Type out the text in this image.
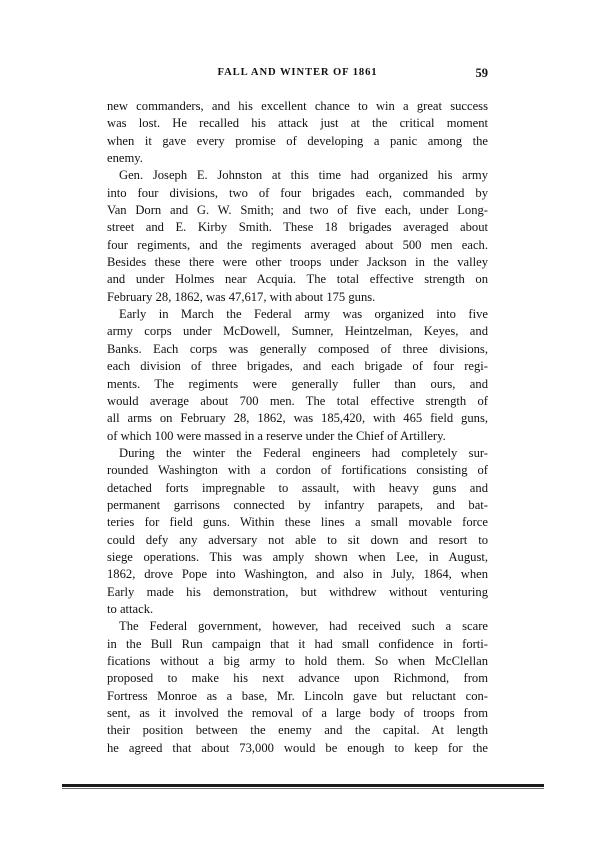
FALL AND WINTER OF 1861	59

new commanders, and his excellent chance to win a great success
was lost. He recalled his attack just at the critical moment
when it gave every promise of developing a panic among the
enemy.

Gen. Joseph E. Johnston at this time had organized his army
into four divisions, two of four brigades each, commanded by
Van Dorn and G. W. Smith; and two of five each, under Long-
street and E. Kirby Smith. These 18 brigades averaged about
four regiments, and the regiments averaged about 500 men each.
Besides these there were other troops under Jackson in the valley
and under Holmes near Acquia. The total effective strength on
February 28, 1862, was 47,617, with about 175 guns.

Early in March the Federal army was organized into five
army corps under McDowell, Sumner, Heintzelman, Keyes, and
Banks. Each corps was generally composed of three divisions,
each division of three brigades, and each brigade of four regi-
ments. The regiments were generally fuller than ours, and
would average about 700 men. The total effective strength of
all arms on February 28, 1862, was 185,420, with 465 field guns,
of which 100 were massed in a reserve under the Chief of Artillery.

During the winter the Federal engineers had completely sur-
rounded Washington with a cordon of fortifications consisting of
detached forts impregnable to assault, with heavy guns and
permanent garrisons connected by infantry parapets, and bat-
teries for field guns. Within these lines a small movable force
could defy any adversary not able to sit down and resort to
siege operations. This was amply shown when Lee, in August,
1862, drove Pope into Washington, and also in July, 1864, when
Early made his demonstration, but withdrew without venturing
to attack.

The Federal government, however, had received such a scare
in the Bull Run campaign that it had small confidence in forti-
fications without a big army to hold them. So when McClellan
proposed to make his next advance upon Richmond, from
Fortress Monroe as a base, Mr. Lincoln gave but reluctant con-
sent, as it involved the removal of a large body of troops from
their position between the enemy and the capital. At length
he agreed that about 73,000 would be enough to keep for the
